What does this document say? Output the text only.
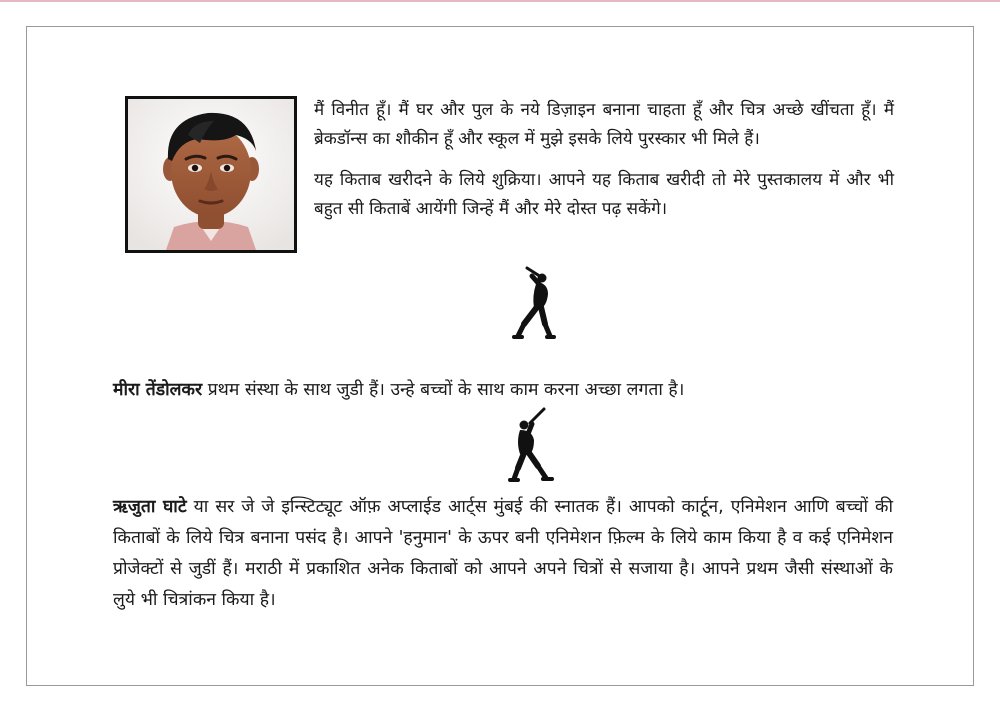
मैं विनीत हूँ। मैं घर और पुल के नये डिज़ाइन बनाना चाहता हूँ और चित्र अच्छे खींचता हूँ। मैं ब्रेकडॉन्स का शौकीन हूँ और स्कूल में मुझे इसके लिये पुरस्कार भी मिले हैं।

यह किताब खरीदने के लिये शुक्रिया। आपने यह किताब खरीदी तो मेरे पुस्तकालय में और भी बहुत सी किताबें आयेंगी जिन्हें मैं और मेरे दोस्त पढ़ सकेंगे।

मीरा तेंडोलकर प्रथम संस्था के साथ जुडी हैं। उन्हे बच्चों के साथ काम करना अच्छा लगता है।
ऋजुता घाटे या सर जे जे इन्स्टिट्यूट ऑफ़ अप्लाईड आर्ट्स मुंबई की स्नातक हैं। आपको कार्टून, एनिमेशन आणि बच्चों की किताबों के लिये चित्र बनाना पसंद है। आपने 'हनुमान' के ऊपर बनी एनिमेशन फ़िल्म के लिये काम किया है व कई एनिमेशन प्रोजेक्टों से जुडीं हैं। मराठी में प्रकाशित अनेक किताबों को आपने अपने चित्रों से सजाया है। आपने प्रथम जैसी संस्थाओं के लुये भी चित्रांकन किया है।
